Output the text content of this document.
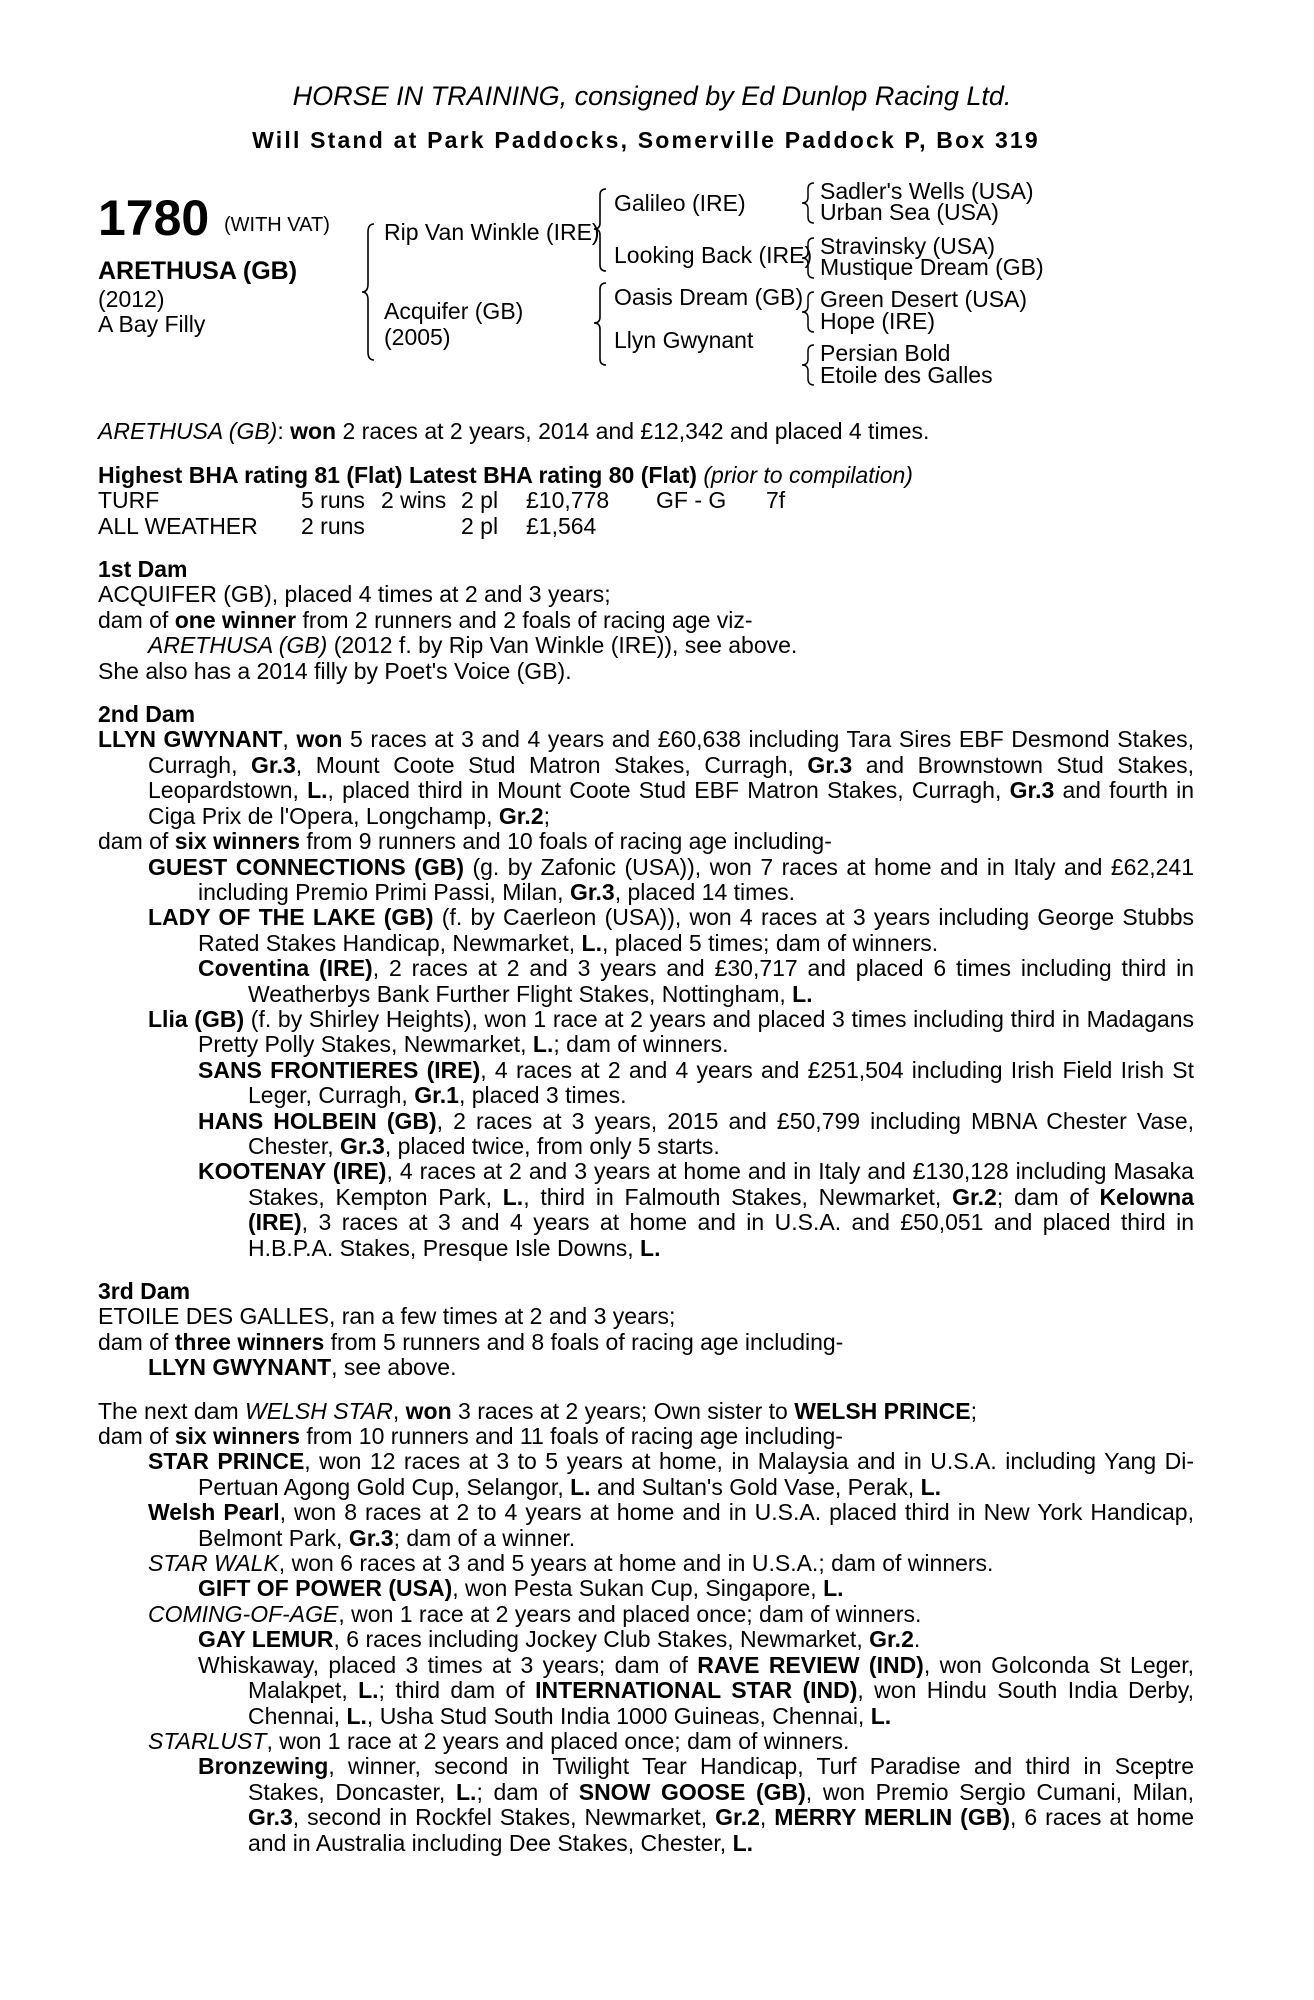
HORSE IN TRAINING, consigned by Ed Dunlop Racing Ltd.
Will Stand at Park Paddocks, Somerville Paddock P, Box 319
1780 (WITH VAT)
ARETHUSA (GB)
(2012)
A Bay Filly
Rip Van Winkle (IRE)
Acquifer (GB)
(2005)
Galileo (IRE)
Looking Back (IRE)
Oasis Dream (GB)
Llyn Gwynant
Sadler's Wells (USA)
Urban Sea (USA)
Stravinsky (USA)
Mustique Dream (GB)
Green Desert (USA)
Hope (IRE)
Persian Bold
Etoile des Galles
ARETHUSA (GB): won 2 races at 2 years, 2014 and £12,342 and placed 4 times.
Highest BHA rating 81 (Flat) Latest BHA rating 80 (Flat) (prior to compilation)
TURF	5 runs	2 wins	2 pl	£10,778	GF - G	7f
ALL WEATHER	2 runs		2 pl	£1,564		
1st Dam
ACQUIFER (GB), placed 4 times at 2 and 3 years;
dam of one winner from 2 runners and 2 foals of racing age viz-
ARETHUSA (GB) (2012 f. by Rip Van Winkle (IRE)), see above.
She also has a 2014 filly by Poet's Voice (GB).
2nd Dam
LLYN GWYNANT, won 5 races at 3 and 4 years and £60,638 including Tara Sires EBF Desmond Stakes, Curragh, Gr.3, Mount Coote Stud Matron Stakes, Curragh, Gr.3 and Brownstown Stud Stakes, Leopardstown, L., placed third in Mount Coote Stud EBF Matron Stakes, Curragh, Gr.3 and fourth in Ciga Prix de l'Opera, Longchamp, Gr.2;
dam of six winners from 9 runners and 10 foals of racing age including-
GUEST CONNECTIONS (GB) (g. by Zafonic (USA)), won 7 races at home and in Italy and £62,241 including Premio Primi Passi, Milan, Gr.3, placed 14 times.
LADY OF THE LAKE (GB) (f. by Caerleon (USA)), won 4 races at 3 years including George Stubbs Rated Stakes Handicap, Newmarket, L., placed 5 times; dam of winners.
Coventina (IRE), 2 races at 2 and 3 years and £30,717 and placed 6 times including third in Weatherbys Bank Further Flight Stakes, Nottingham, L.
Llia (GB) (f. by Shirley Heights), won 1 race at 2 years and placed 3 times including third in Madagans Pretty Polly Stakes, Newmarket, L.; dam of winners.
SANS FRONTIERES (IRE), 4 races at 2 and 4 years and £251,504 including Irish Field Irish St Leger, Curragh, Gr.1, placed 3 times.
HANS HOLBEIN (GB), 2 races at 3 years, 2015 and £50,799 including MBNA Chester Vase, Chester, Gr.3, placed twice, from only 5 starts.
KOOTENAY (IRE), 4 races at 2 and 3 years at home and in Italy and £130,128 including Masaka Stakes, Kempton Park, L., third in Falmouth Stakes, Newmarket, Gr.2; dam of Kelowna (IRE), 3 races at 3 and 4 years at home and in U.S.A. and £50,051 and placed third in H.B.P.A. Stakes, Presque Isle Downs, L.
3rd Dam
ETOILE DES GALLES, ran a few times at 2 and 3 years;
dam of three winners from 5 runners and 8 foals of racing age including-
LLYN GWYNANT, see above.
The next dam WELSH STAR, won 3 races at 2 years; Own sister to WELSH PRINCE;
dam of six winners from 10 runners and 11 foals of racing age including-
STAR PRINCE, won 12 races at 3 to 5 years at home, in Malaysia and in U.S.A. including Yang Di-Pertuan Agong Gold Cup, Selangor, L. and Sultan's Gold Vase, Perak, L.
Welsh Pearl, won 8 races at 2 to 4 years at home and in U.S.A. placed third in New York Handicap, Belmont Park, Gr.3; dam of a winner.
STAR WALK, won 6 races at 3 and 5 years at home and in U.S.A.; dam of winners.
GIFT OF POWER (USA), won Pesta Sukan Cup, Singapore, L.
COMING-OF-AGE, won 1 race at 2 years and placed once; dam of winners.
GAY LEMUR, 6 races including Jockey Club Stakes, Newmarket, Gr.2.
Whiskaway, placed 3 times at 3 years; dam of RAVE REVIEW (IND), won Golconda St Leger, Malakpet, L.; third dam of INTERNATIONAL STAR (IND), won Hindu South India Derby, Chennai, L., Usha Stud South India 1000 Guineas, Chennai, L.
STARLUST, won 1 race at 2 years and placed once; dam of winners.
Bronzewing, winner, second in Twilight Tear Handicap, Turf Paradise and third in Sceptre Stakes, Doncaster, L.; dam of SNOW GOOSE (GB), won Premio Sergio Cumani, Milan, Gr.3, second in Rockfel Stakes, Newmarket, Gr.2, MERRY MERLIN (GB), 6 races at home and in Australia including Dee Stakes, Chester, L.
